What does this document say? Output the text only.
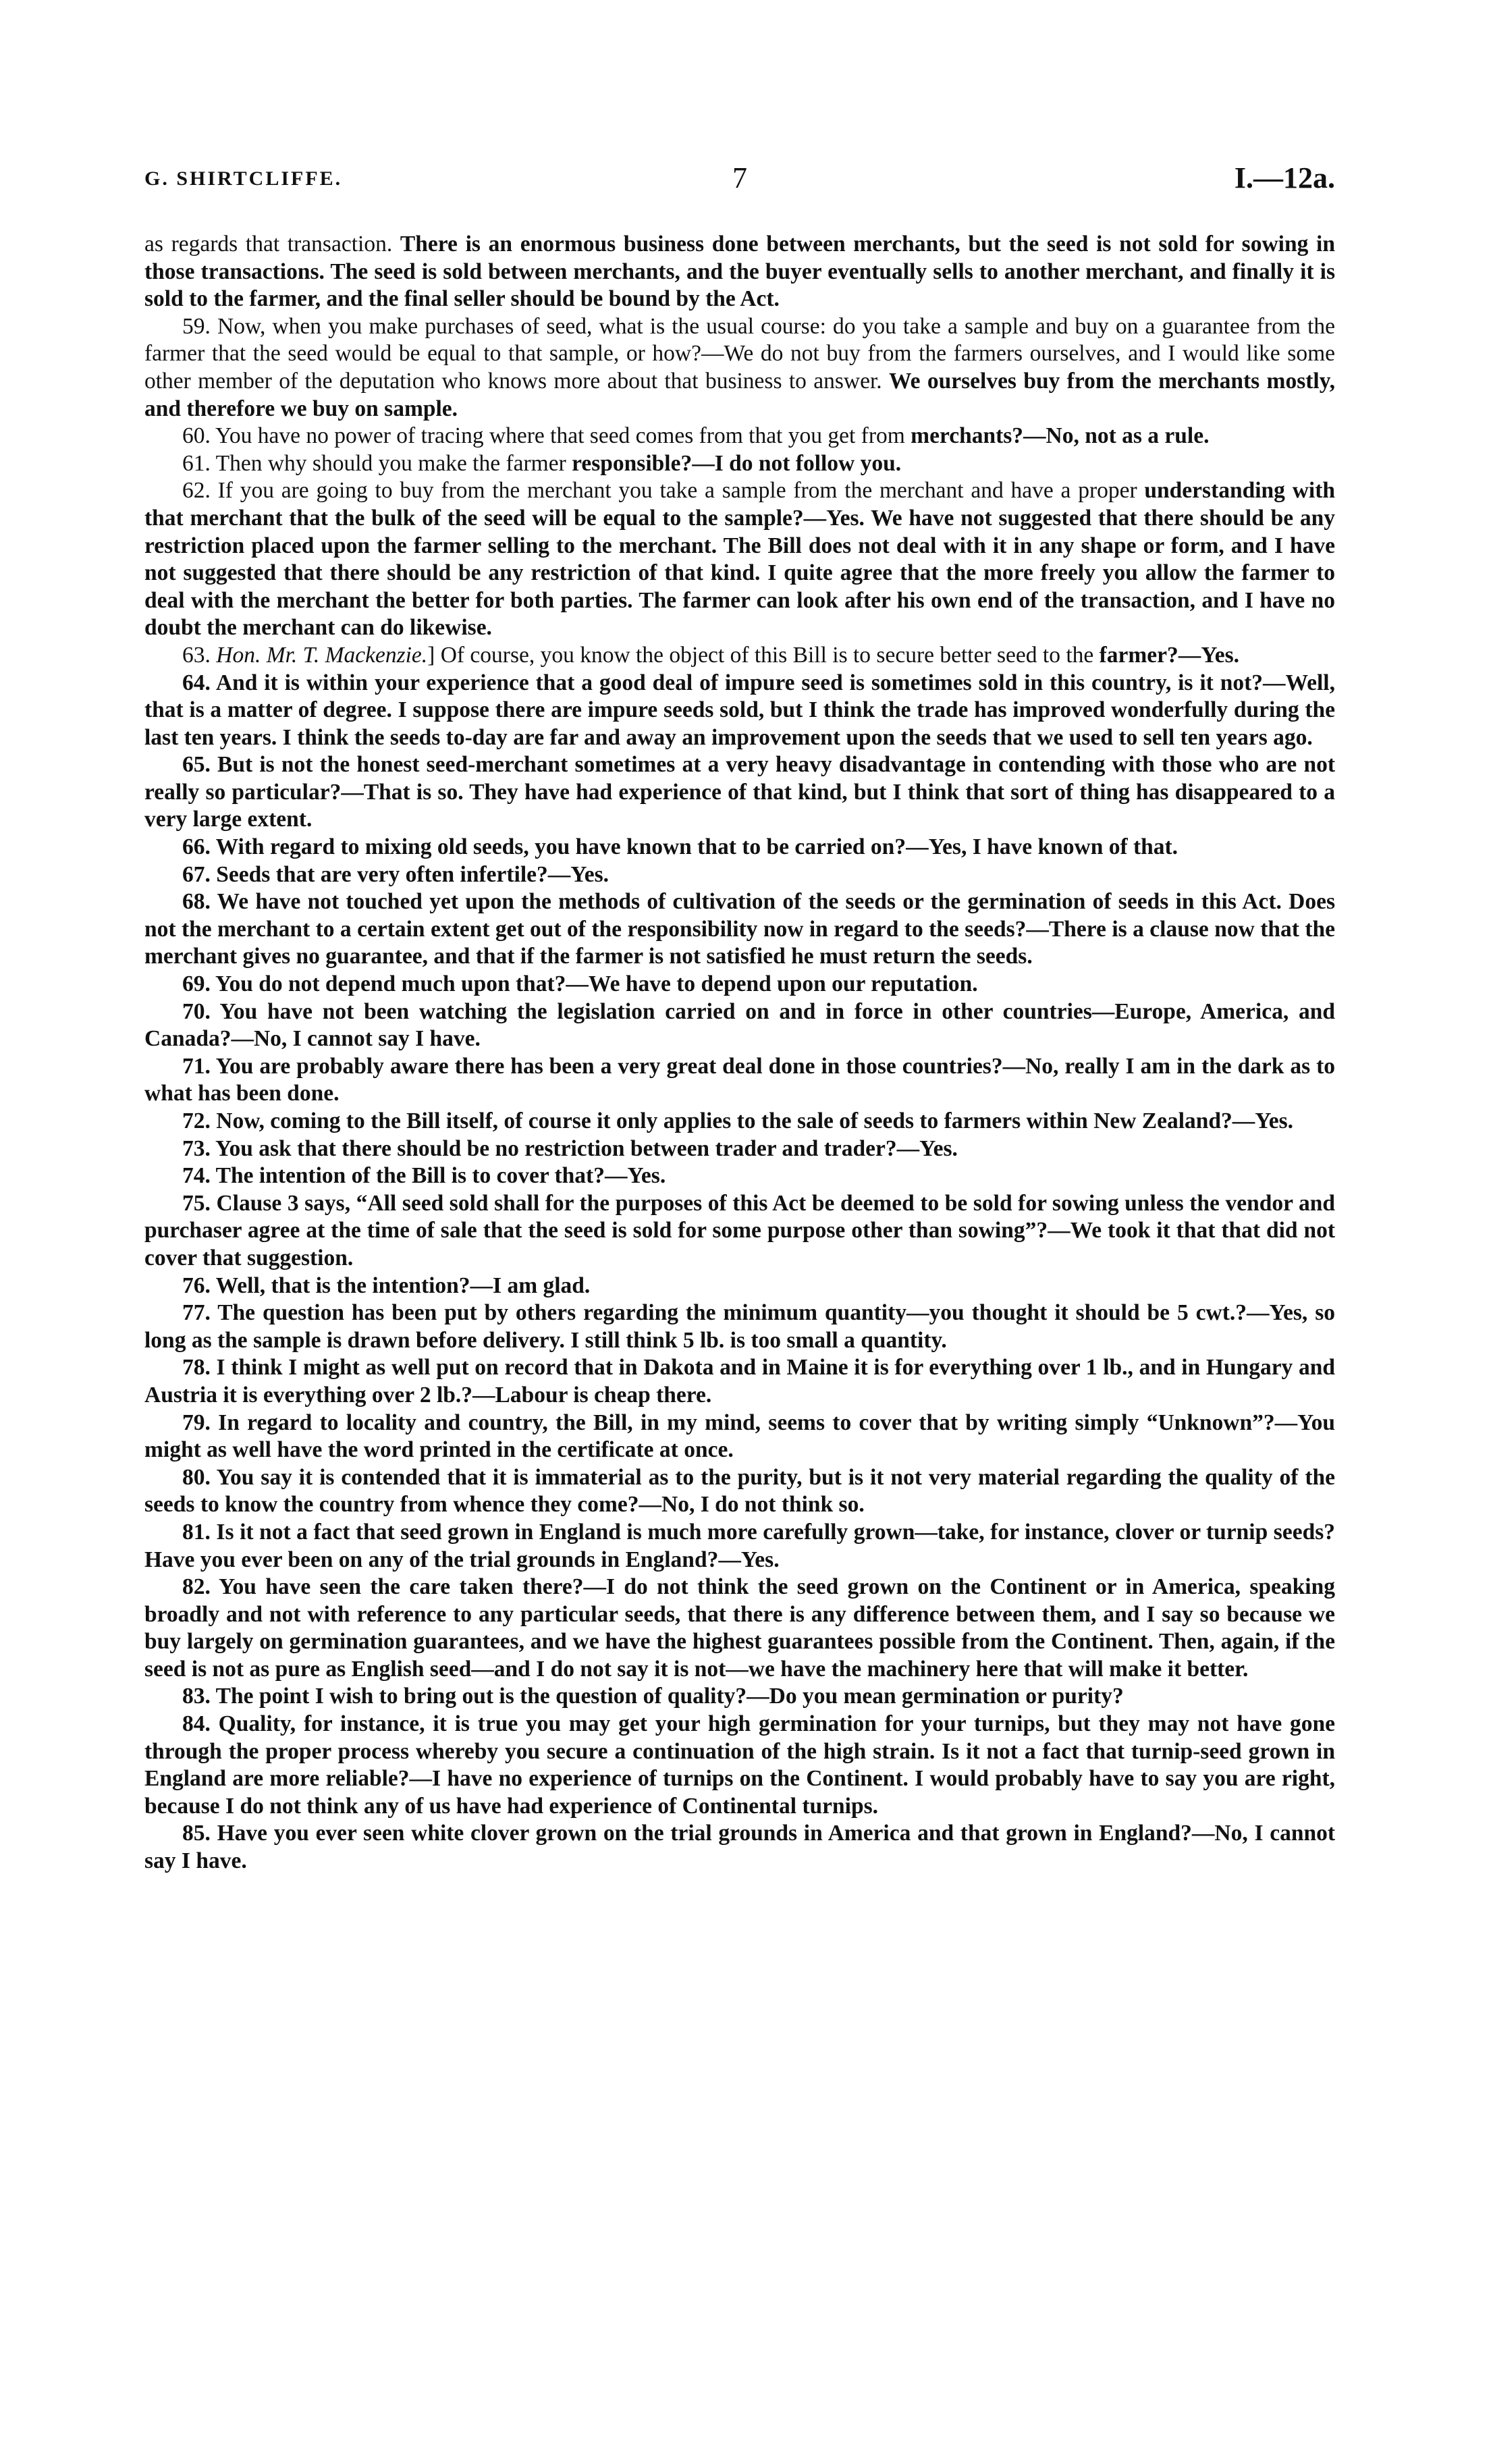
G. SHIRTCLIFFE.	7	I.—12a.

as regards that transaction. There is an enormous business done between merchants, but the seed is not sold for sowing in those transactions. The seed is sold between merchants, and the buyer eventually sells to another merchant, and finally it is sold to the farmer, and the final seller should be bound by the Act.

59. Now, when you make purchases of seed, what is the usual course: do you take a sample and buy on a guarantee from the farmer that the seed would be equal to that sample, or how?—We do not buy from the farmers ourselves, and I would like some other member of the deputation who knows more about that business to answer. We ourselves buy from the merchants mostly, and therefore we buy on sample.

60. You have no power of tracing where that seed comes from that you get from merchants?—No, not as a rule.

61. Then why should you make the farmer responsible?—I do not follow you.

62. If you are going to buy from the merchant you take a sample from the merchant and have a proper understanding with that merchant that the bulk of the seed will be equal to the sample?—Yes. We have not suggested that there should be any restriction placed upon the farmer selling to the merchant. The Bill does not deal with it in any shape or form, and I have not suggested that there should be any restriction of that kind. I quite agree that the more freely you allow the farmer to deal with the merchant the better for both parties. The farmer can look after his own end of the transaction, and I have no doubt the merchant can do likewise.

63. Hon. Mr. T. Mackenzie.] Of course, you know the object of this Bill is to secure better seed to the farmer?—Yes.

64. And it is within your experience that a good deal of impure seed is sometimes sold in this country, is it not?—Well, that is a matter of degree. I suppose there are impure seeds sold, but I think the trade has improved wonderfully during the last ten years. I think the seeds to-day are far and away an improvement upon the seeds that we used to sell ten years ago.

65. But is not the honest seed-merchant sometimes at a very heavy disadvantage in contending with those who are not really so particular?—That is so. They have had experience of that kind, but I think that sort of thing has disappeared to a very large extent.

66. With regard to mixing old seeds, you have known that to be carried on?—Yes, I have known of that.

67. Seeds that are very often infertile?—Yes.

68. We have not touched yet upon the methods of cultivation of the seeds or the germination of seeds in this Act. Does not the merchant to a certain extent get out of the responsibility now in regard to the seeds?—There is a clause now that the merchant gives no guarantee, and that if the farmer is not satisfied he must return the seeds.

69. You do not depend much upon that?—We have to depend upon our reputation.

70. You have not been watching the legislation carried on and in force in other countries—Europe, America, and Canada?—No, I cannot say I have.

71. You are probably aware there has been a very great deal done in those countries?—No, really I am in the dark as to what has been done.

72. Now, coming to the Bill itself, of course it only applies to the sale of seeds to farmers within New Zealand?—Yes.

73. You ask that there should be no restriction between trader and trader?—Yes.

74. The intention of the Bill is to cover that?—Yes.

75. Clause 3 says, “All seed sold shall for the purposes of this Act be deemed to be sold for sowing unless the vendor and purchaser agree at the time of sale that the seed is sold for some purpose other than sowing”?—We took it that that did not cover that suggestion.

76. Well, that is the intention?—I am glad.

77. The question has been put by others regarding the minimum quantity—you thought it should be 5 cwt.?—Yes, so long as the sample is drawn before delivery. I still think 5 lb. is too small a quantity.

78. I think I might as well put on record that in Dakota and in Maine it is for everything over 1 lb., and in Hungary and Austria it is everything over 2 lb.?—Labour is cheap there.

79. In regard to locality and country, the Bill, in my mind, seems to cover that by writing simply “Unknown”?—You might as well have the word printed in the certificate at once.

80. You say it is contended that it is immaterial as to the purity, but is it not very material regarding the quality of the seeds to know the country from whence they come?—No, I do not think so.

81. Is it not a fact that seed grown in England is much more carefully grown—take, for instance, clover or turnip seeds? Have you ever been on any of the trial grounds in England?—Yes.

82. You have seen the care taken there?—I do not think the seed grown on the Continent or in America, speaking broadly and not with reference to any particular seeds, that there is any difference between them, and I say so because we buy largely on germination guarantees, and we have the highest guarantees possible from the Continent. Then, again, if the seed is not as pure as English seed—and I do not say it is not—we have the machinery here that will make it better.

83. The point I wish to bring out is the question of quality?—Do you mean germination or purity?

84. Quality, for instance, it is true you may get your high germination for your turnips, but they may not have gone through the proper process whereby you secure a continuation of the high strain. Is it not a fact that turnip-seed grown in England are more reliable?—I have no experience of turnips on the Continent. I would probably have to say you are right, because I do not think any of us have had experience of Continental turnips.

85. Have you ever seen white clover grown on the trial grounds in America and that grown in England?—No, I cannot say I have.
